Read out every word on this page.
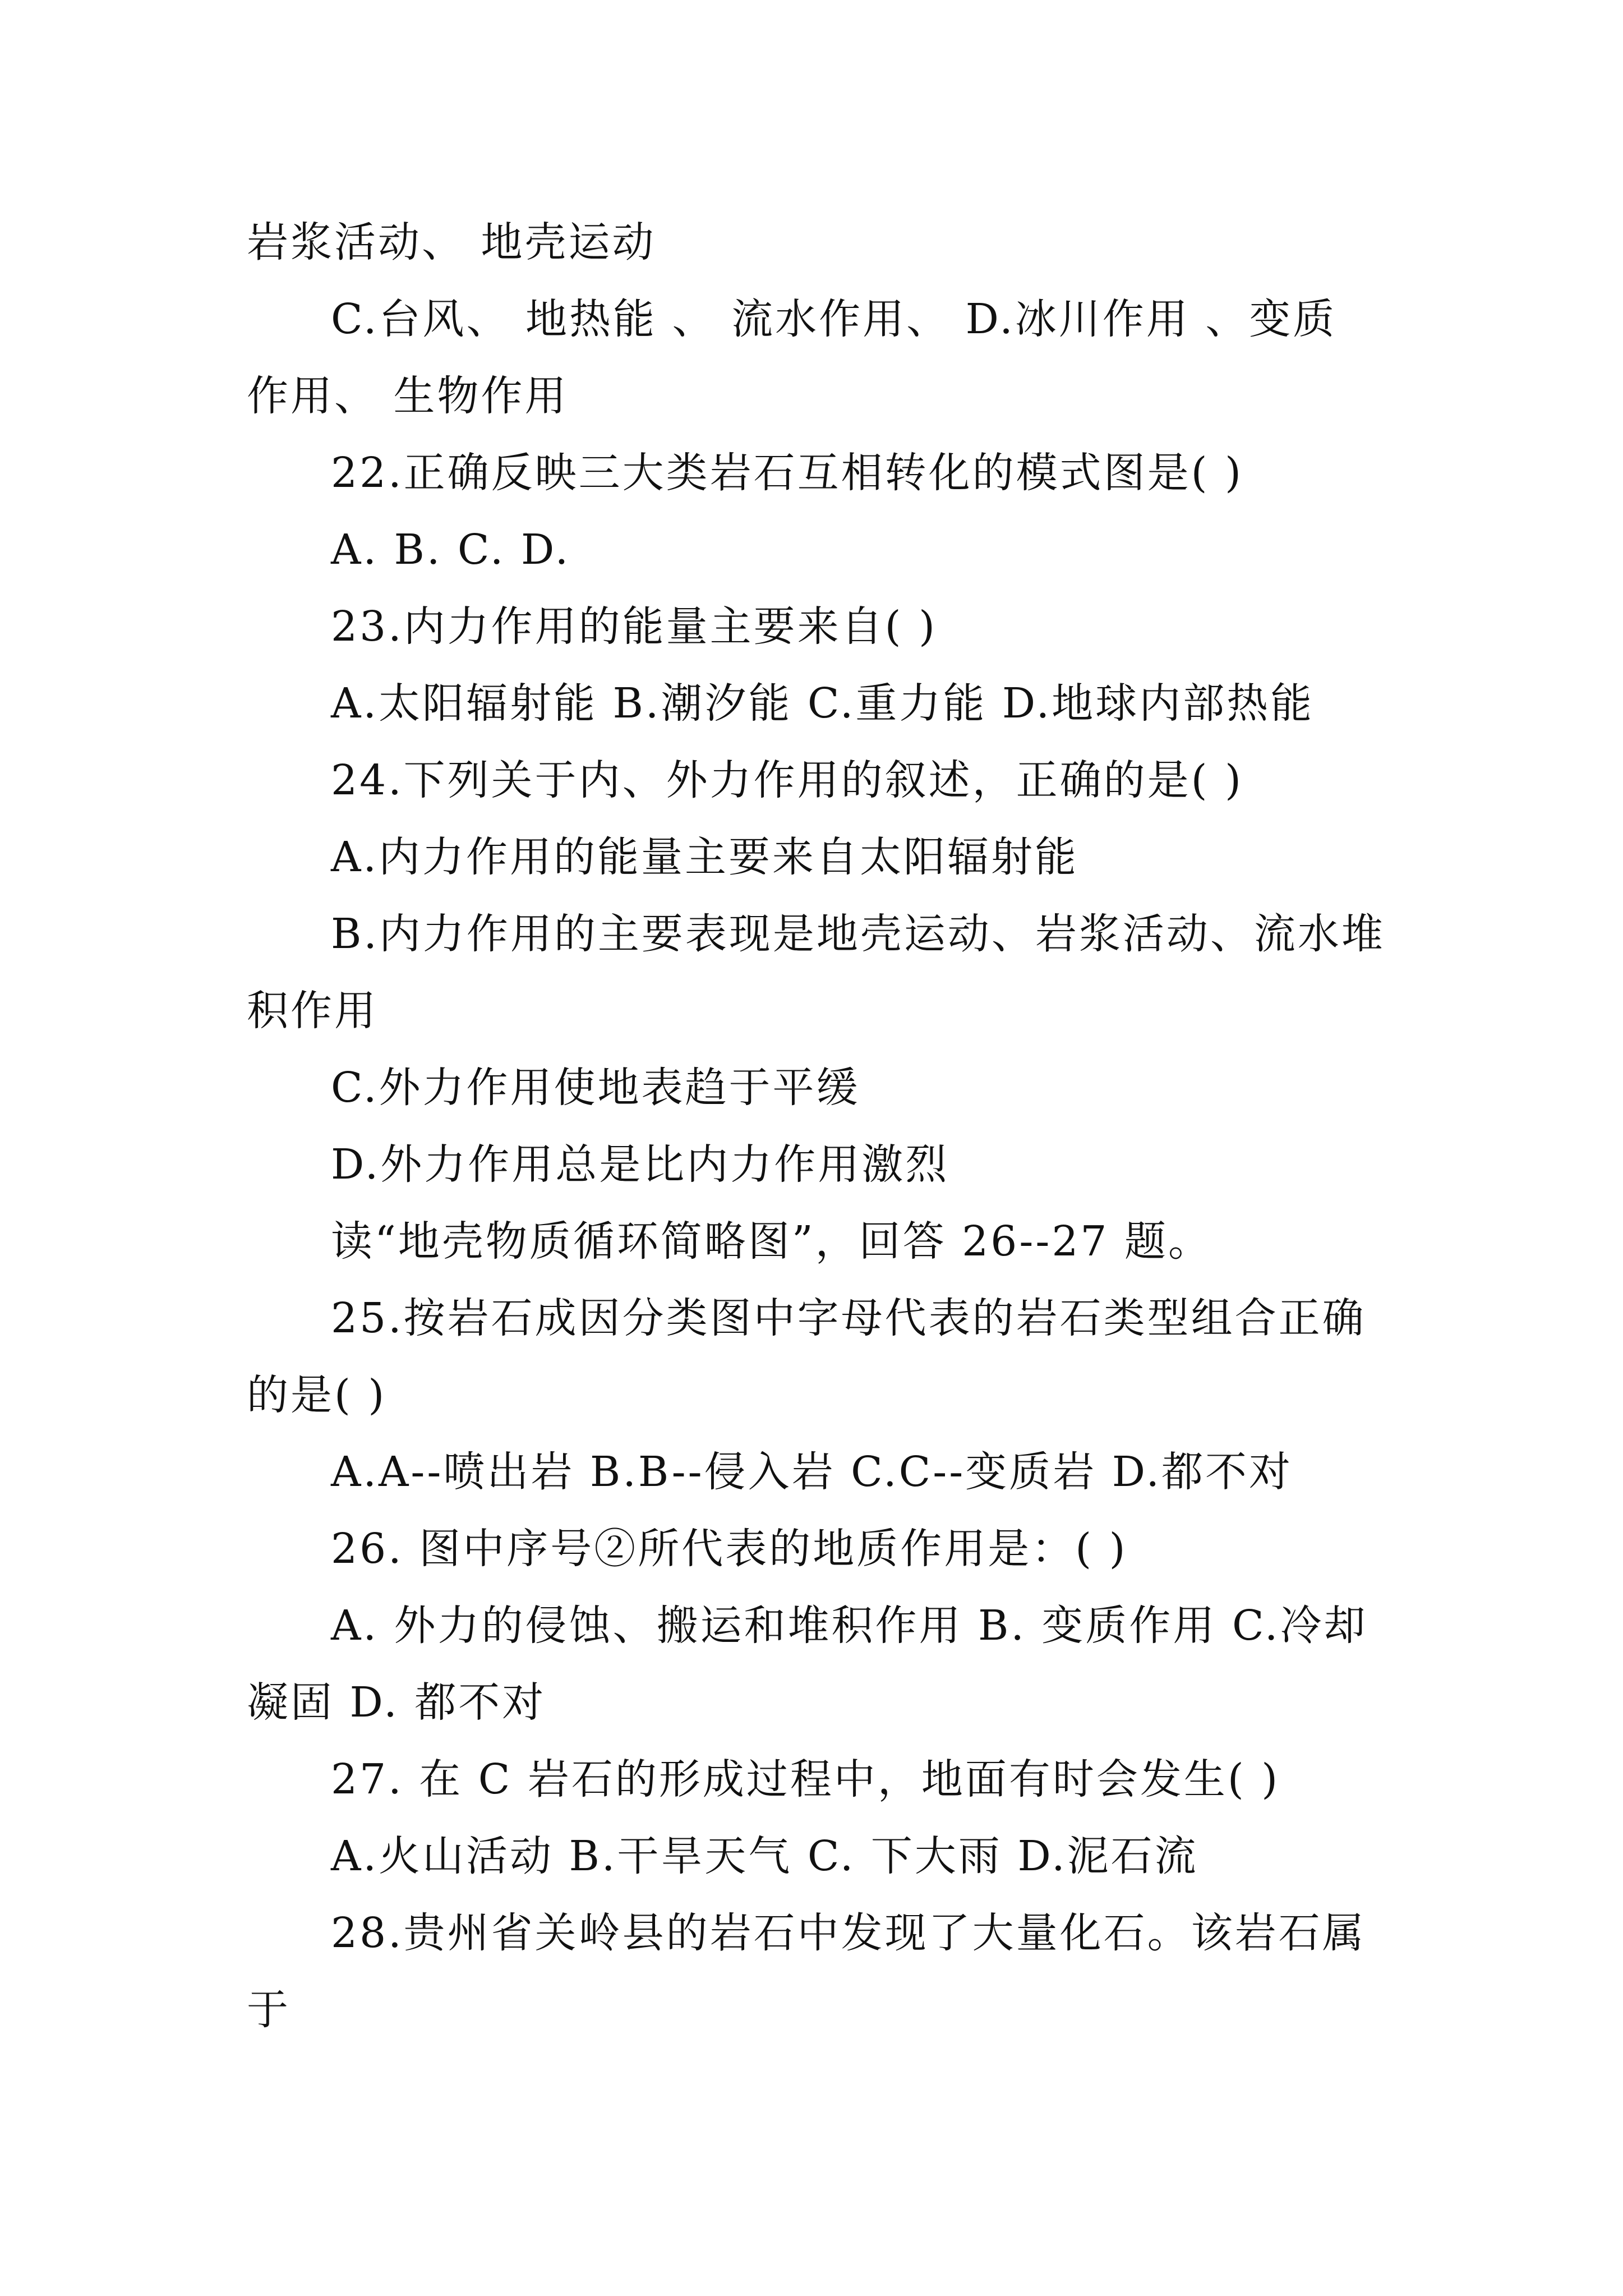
岩浆活动、 地壳运动
C.台风、 地热能 、 流水作用、 D.冰川作用 、变质
作用、 生物作用
22.正确反映三大类岩石互相转化的模式图是( )
A. B. C. D.
23.内力作用的能量主要来自( )
A.太阳辐射能 B.潮汐能 C.重力能 D.地球内部热能
24.下列关于内、外力作用的叙述，正确的是( )
A.内力作用的能量主要来自太阳辐射能
B.内力作用的主要表现是地壳运动、岩浆活动、流水堆
积作用
C.外力作用使地表趋于平缓
D.外力作用总是比内力作用激烈
读“地壳物质循环简略图”，回答 26--27 题。
25.按岩石成因分类图中字母代表的岩石类型组合正确
的是( )
A.A--喷出岩 B.B--侵入岩 C.C--变质岩 D.都不对
26. 图中序号②所代表的地质作用是：( )
A. 外力的侵蚀、搬运和堆积作用 B. 变质作用 C.冷却
凝固 D. 都不对
27. 在 C 岩石的形成过程中，地面有时会发生( )
A.火山活动 B.干旱天气 C. 下大雨 D.泥石流
28.贵州省关岭县的岩石中发现了大量化石。该岩石属
于
